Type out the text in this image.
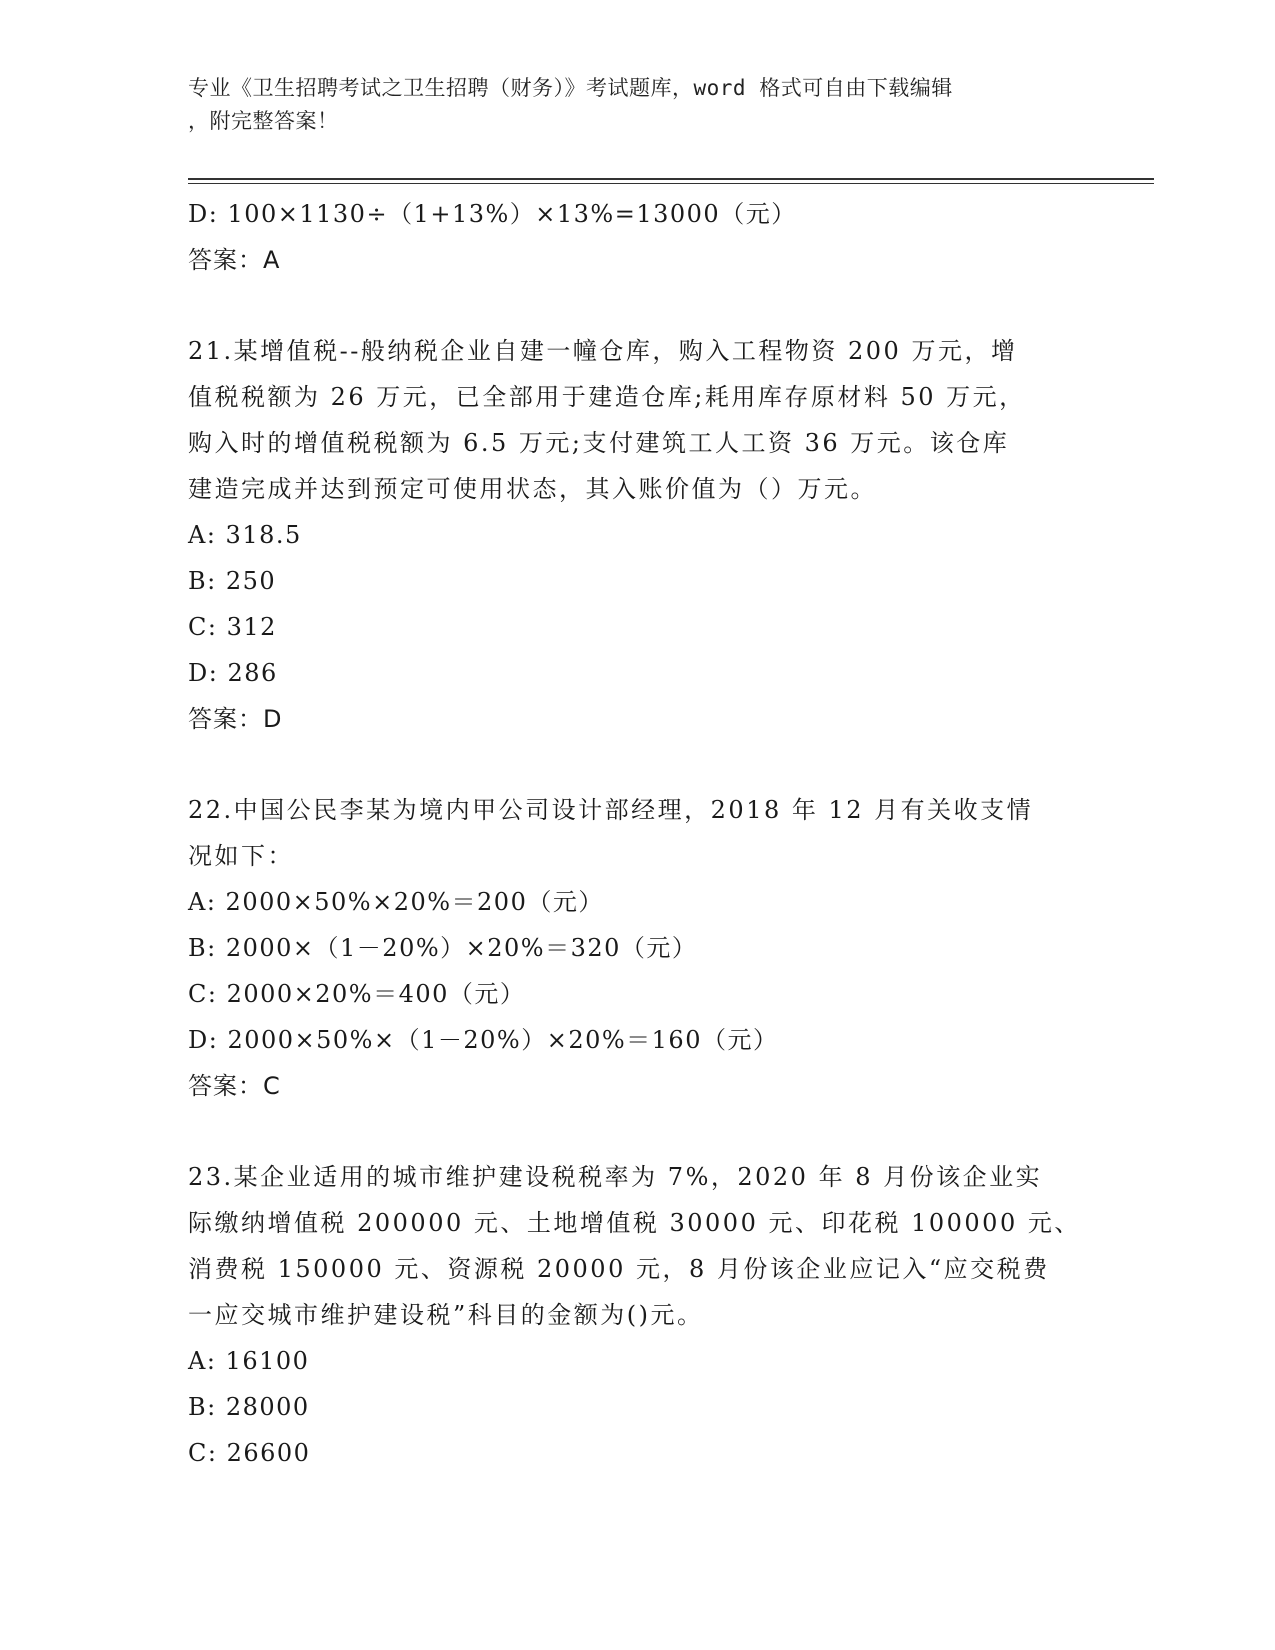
专业《卫生招聘考试之卫生招聘（财务）》考试题库，word 格式可自由下载编辑
，附完整答案！
D: 100×1130÷（1+13%）×13%=13000（元）
答案：A
21.某增值税--般纳税企业自建一幢仓库，购入工程物资 200 万元，增
值税税额为 26 万元，已全部用于建造仓库;耗用库存原材料 50 万元，
购入时的增值税税额为 6.5 万元;支付建筑工人工资 36 万元。该仓库
建造完成并达到预定可使用状态，其入账价值为（）万元。
A: 318.5
B: 250
C: 312
D: 286
答案：D
22.中国公民李某为境内甲公司设计部经理，2018 年 12 月有关收支情
况如下：
A: 2000×50%×20%＝200（元）
B: 2000×（1－20%）×20%＝320（元）
C: 2000×20%＝400（元）
D: 2000×50%×（1－20%）×20%＝160（元）
答案：C
23.某企业适用的城市维护建设税税率为 7%，2020 年 8 月份该企业实
际缴纳增值税 200000 元、土地增值税 30000 元、印花税 100000 元、
消费税 150000 元、资源税 20000 元，8 月份该企业应记入“应交税费
一应交城市维护建设税”科目的金额为()元。
A: 16100
B: 28000
C: 26600
